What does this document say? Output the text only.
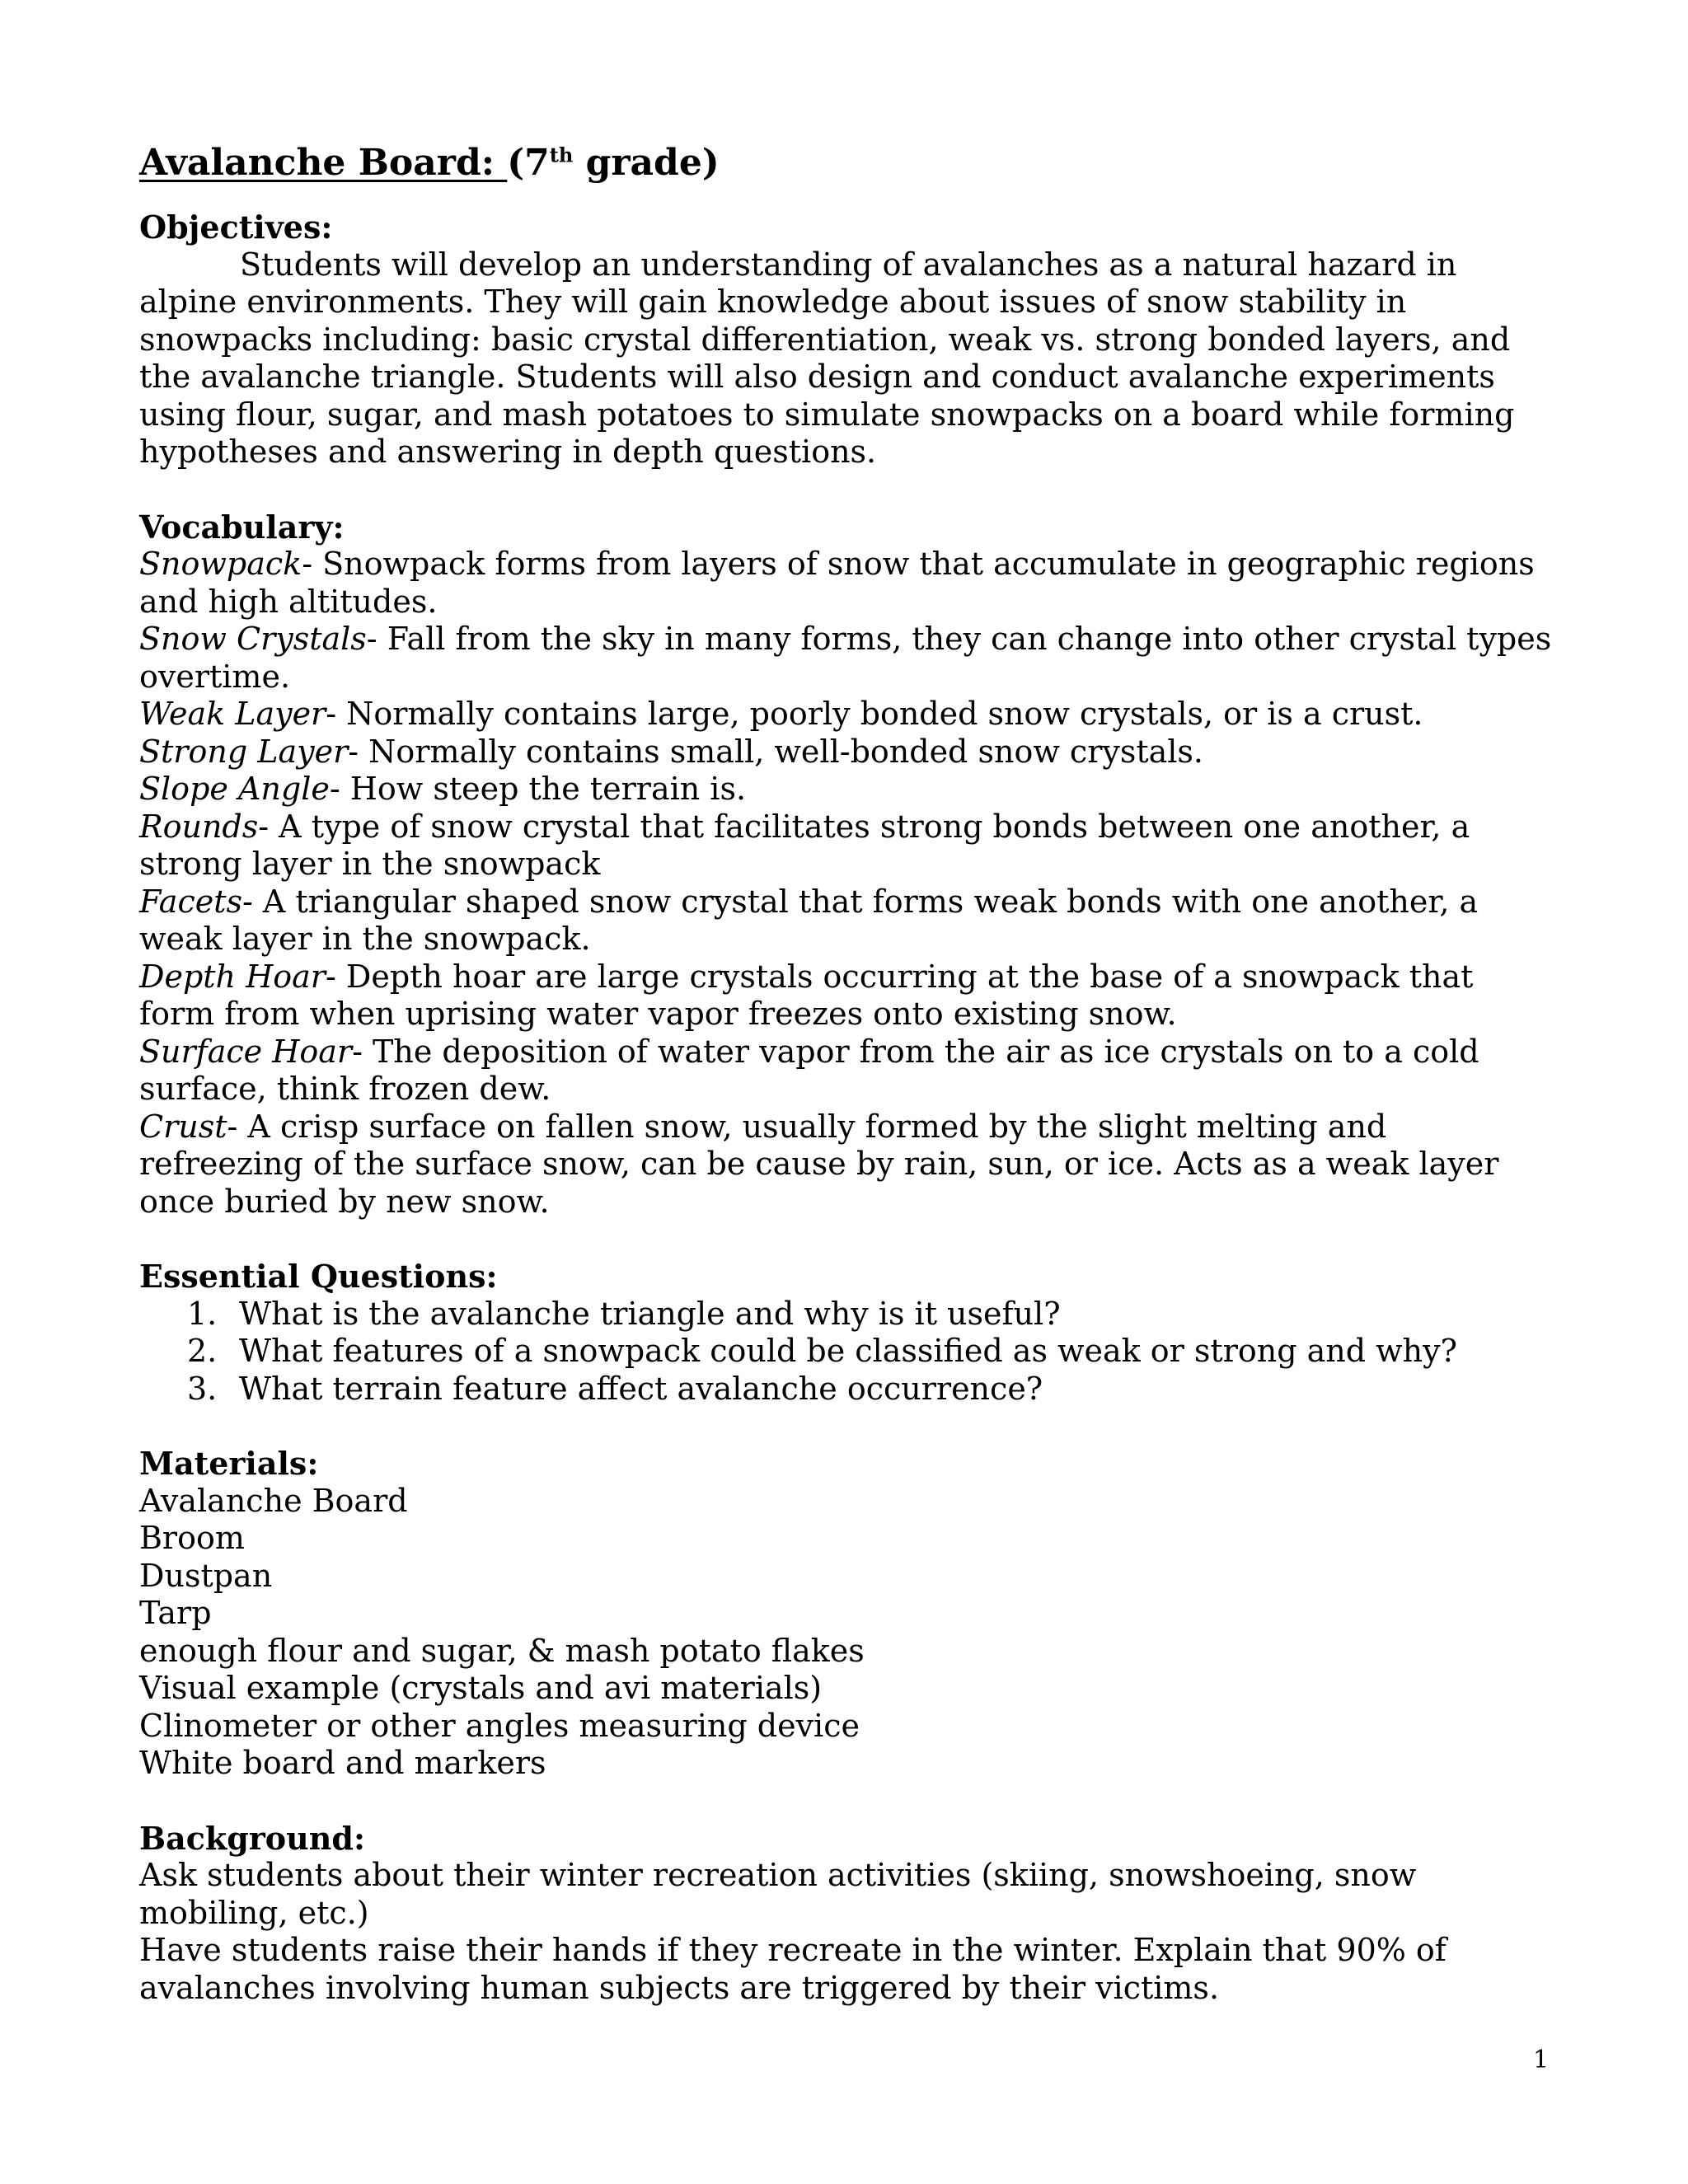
Avalanche Board: (7th grade)

Objectives:

Students will develop an understanding of avalanches as a natural hazard in alpine environments. They will gain knowledge about issues of snow stability in snowpacks including: basic crystal differentiation, weak vs. strong bonded layers, and the avalanche triangle. Students will also design and conduct avalanche experiments using flour, sugar, and mash potatoes to simulate snowpacks on a board while forming hypotheses and answering in depth questions.

Vocabulary:

Snowpack- Snowpack forms from layers of snow that accumulate in geographic regions and high altitudes.

Snow Crystals- Fall from the sky in many forms, they can change into other crystal types overtime.

Weak Layer- Normally contains large, poorly bonded snow crystals, or is a crust.

Strong Layer- Normally contains small, well-bonded snow crystals.

Slope Angle- How steep the terrain is.

Rounds- A type of snow crystal that facilitates strong bonds between one another, a strong layer in the snowpack

Facets- A triangular shaped snow crystal that forms weak bonds with one another, a weak layer in the snowpack.

Depth Hoar- Depth hoar are large crystals occurring at the base of a snowpack that form from when uprising water vapor freezes onto existing snow.

Surface Hoar- The deposition of water vapor from the air as ice crystals on to a cold surface, think frozen dew.

Crust- A crisp surface on fallen snow, usually formed by the slight melting and refreezing of the surface snow, can be cause by rain, sun, or ice. Acts as a weak layer once buried by new snow.

Essential Questions:

1. What is the avalanche triangle and why is it useful?
2. What features of a snowpack could be classified as weak or strong and why?
3. What terrain feature affect avalanche occurrence?

Materials:

Avalanche Board

Broom

Dustpan

Tarp

enough flour and sugar, & mash potato flakes

Visual example (crystals and avi materials)

Clinometer or other angles measuring device

White board and markers

Background:

Ask students about their winter recreation activities (skiing, snowshoeing, snow mobiling, etc.)

Have students raise their hands if they recreate in the winter. Explain that 90% of avalanches involving human subjects are triggered by their victims.

1
